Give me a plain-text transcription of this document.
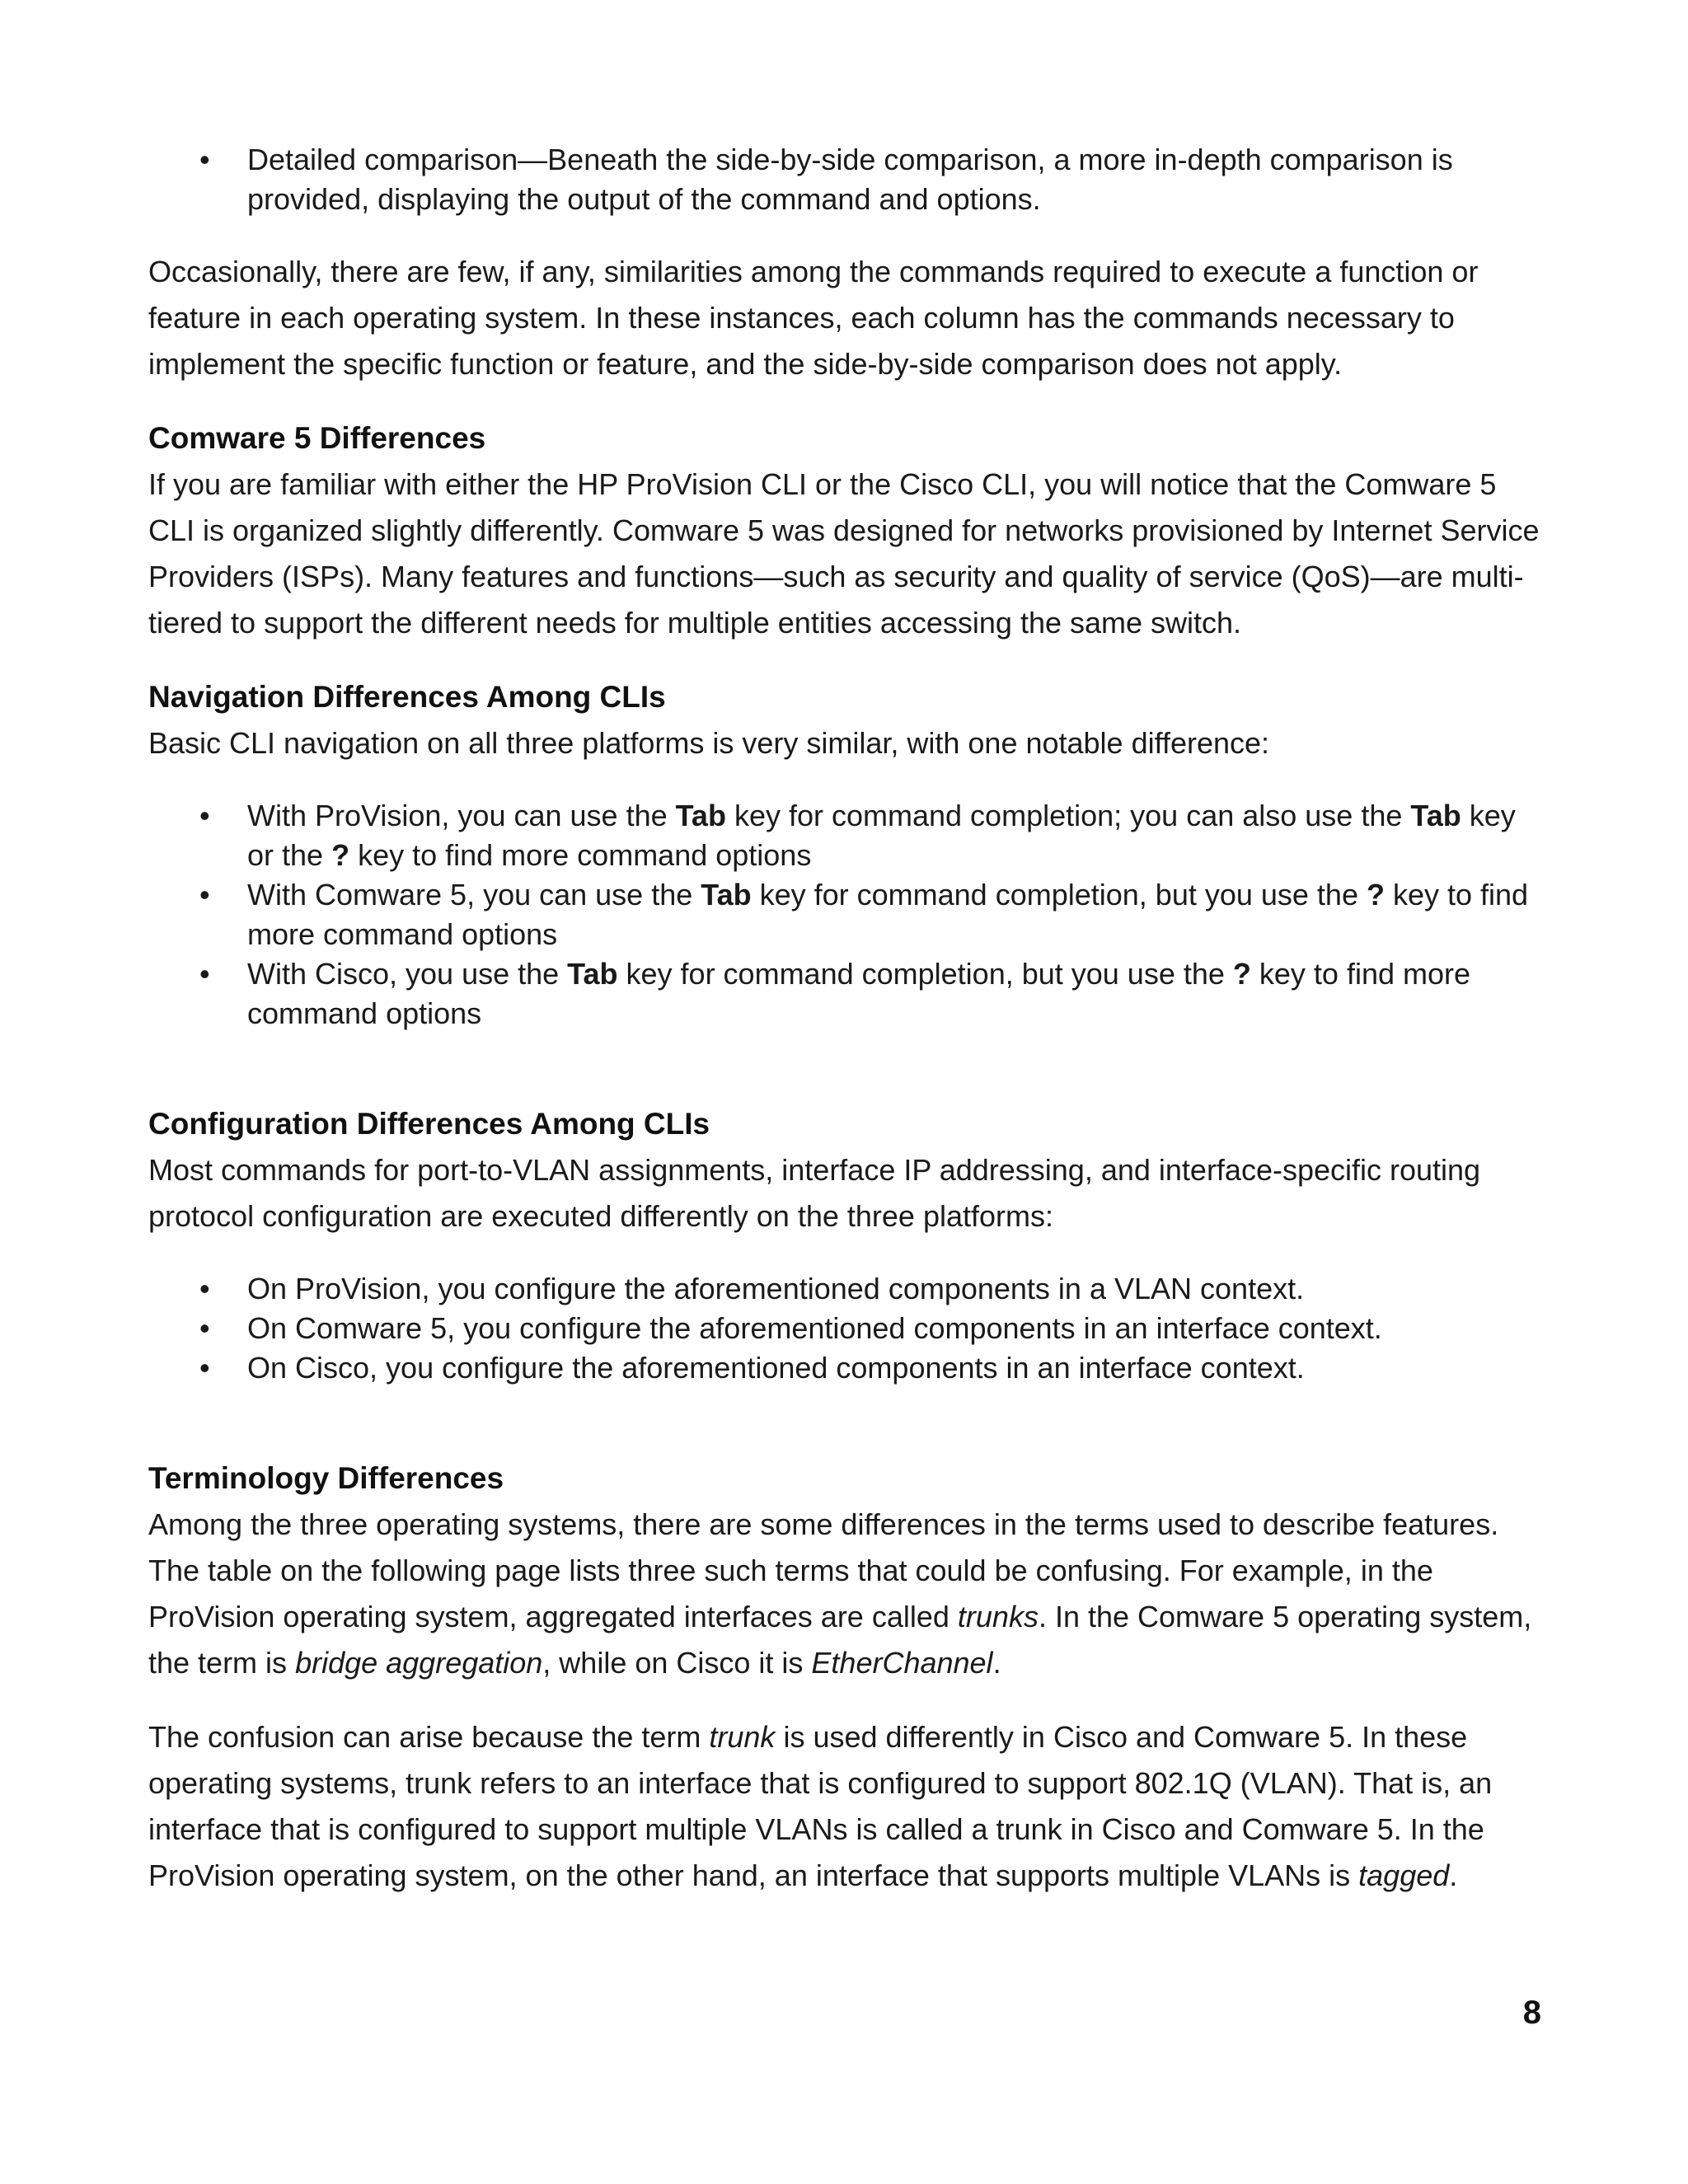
• Detailed comparison—Beneath the side-by-side comparison, a more in-depth comparison is provided, displaying the output of the command and options.

Occasionally, there are few, if any, similarities among the commands required to execute a function or feature in each operating system. In these instances, each column has the commands necessary to implement the specific function or feature, and the side-by-side comparison does not apply.

Comware 5 Differences

If you are familiar with either the HP ProVision CLI or the Cisco CLI, you will notice that the Comware 5 CLI is organized slightly differently. Comware 5 was designed for networks provisioned by Internet Service Providers (ISPs). Many features and functions—such as security and quality of service (QoS)—are multi-tiered to support the different needs for multiple entities accessing the same switch.

Navigation Differences Among CLIs

Basic CLI navigation on all three platforms is very similar, with one notable difference:

• With ProVision, you can use the Tab key for command completion; you can also use the Tab key or the ? key to find more command options
• With Comware 5, you can use the Tab key for command completion, but you use the ? key to find more command options
• With Cisco, you use the Tab key for command completion, but you use the ? key to find more command options
Configuration Differences Among CLIs

Most commands for port-to-VLAN assignments, interface IP addressing, and interface-specific routing protocol configuration are executed differently on the three platforms:

• On ProVision, you configure the aforementioned components in a VLAN context.
• On Comware 5, you configure the aforementioned components in an interface context.
• On Cisco, you configure the aforementioned components in an interface context.
Terminology Differences

Among the three operating systems, there are some differences in the terms used to describe features. The table on the following page lists three such terms that could be confusing. For example, in the ProVision operating system, aggregated interfaces are called trunks. In the Comware 5 operating system, the term is bridge aggregation, while on Cisco it is EtherChannel.

The confusion can arise because the term trunk is used differently in Cisco and Comware 5. In these operating systems, trunk refers to an interface that is configured to support 802.1Q (VLAN). That is, an interface that is configured to support multiple VLANs is called a trunk in Cisco and Comware 5. In the ProVision operating system, on the other hand, an interface that supports multiple VLANs is tagged.

8
